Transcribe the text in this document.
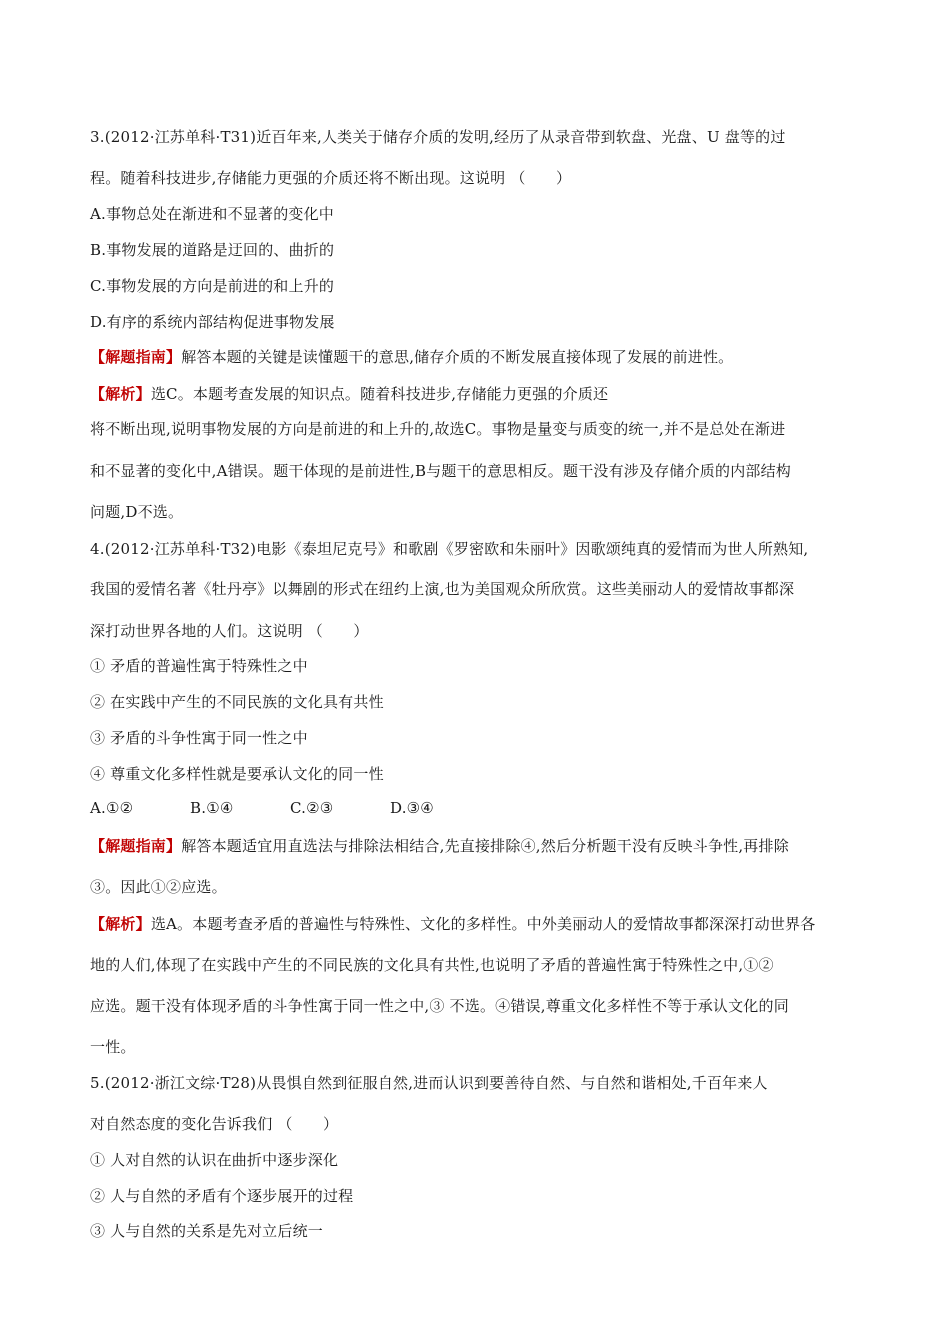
3.(2012·江苏单科·T31)近百年来,人类关于储存介质的发明,经历了从录音带到软盘、光盘、U 盘等的过
程。随着科技进步,存储能力更强的介质还将不断出现。这说明 （　　）
A.事物总处在渐进和不显著的变化中
B.事物发展的道路是迂回的、曲折的
C.事物发展的方向是前进的和上升的
D.有序的系统内部结构促进事物发展
【解题指南】解答本题的关键是读懂题干的意思,储存介质的不断发展直接体现了发展的前进性。
【解析】选C。本题考查发展的知识点。随着科技进步,存储能力更强的介质还
将不断出现,说明事物发展的方向是前进的和上升的,故选C。事物是量变与质变的统一,并不是总处在渐进
和不显著的变化中,A错误。题干体现的是前进性,B与题干的意思相反。题干没有涉及存储介质的内部结构
问题,D不选。
4.(2012·江苏单科·T32)电影《泰坦尼克号》和歌剧《罗密欧和朱丽叶》因歌颂纯真的爱情而为世人所熟知,
我国的爱情名著《牡丹亭》以舞剧的形式在纽约上演,也为美国观众所欣赏。这些美丽动人的爱情故事都深
深打动世界各地的人们。这说明 （　　）
① 矛盾的普遍性寓于特殊性之中
② 在实践中产生的不同民族的文化具有共性
③ 矛盾的斗争性寓于同一性之中
④ 尊重文化多样性就是要承认文化的同一性
A.①②	B.①④	C.②③	D.③④
【解题指南】解答本题适宜用直选法与排除法相结合,先直接排除④,然后分析题干没有反映斗争性,再排除
③。因此①②应选。
【解析】选A。本题考查矛盾的普遍性与特殊性、文化的多样性。中外美丽动人的爱情故事都深深打动世界各
地的人们,体现了在实践中产生的不同民族的文化具有共性,也说明了矛盾的普遍性寓于特殊性之中,①②
应选。题干没有体现矛盾的斗争性寓于同一性之中,③ 不选。④错误,尊重文化多样性不等于承认文化的同
一性。
5.(2012·浙江文综·T28)从畏惧自然到征服自然,进而认识到要善待自然、与自然和谐相处,千百年来人
对自然态度的变化告诉我们 （　　）
① 人对自然的认识在曲折中逐步深化
② 人与自然的矛盾有个逐步展开的过程
③ 人与自然的关系是先对立后统一
